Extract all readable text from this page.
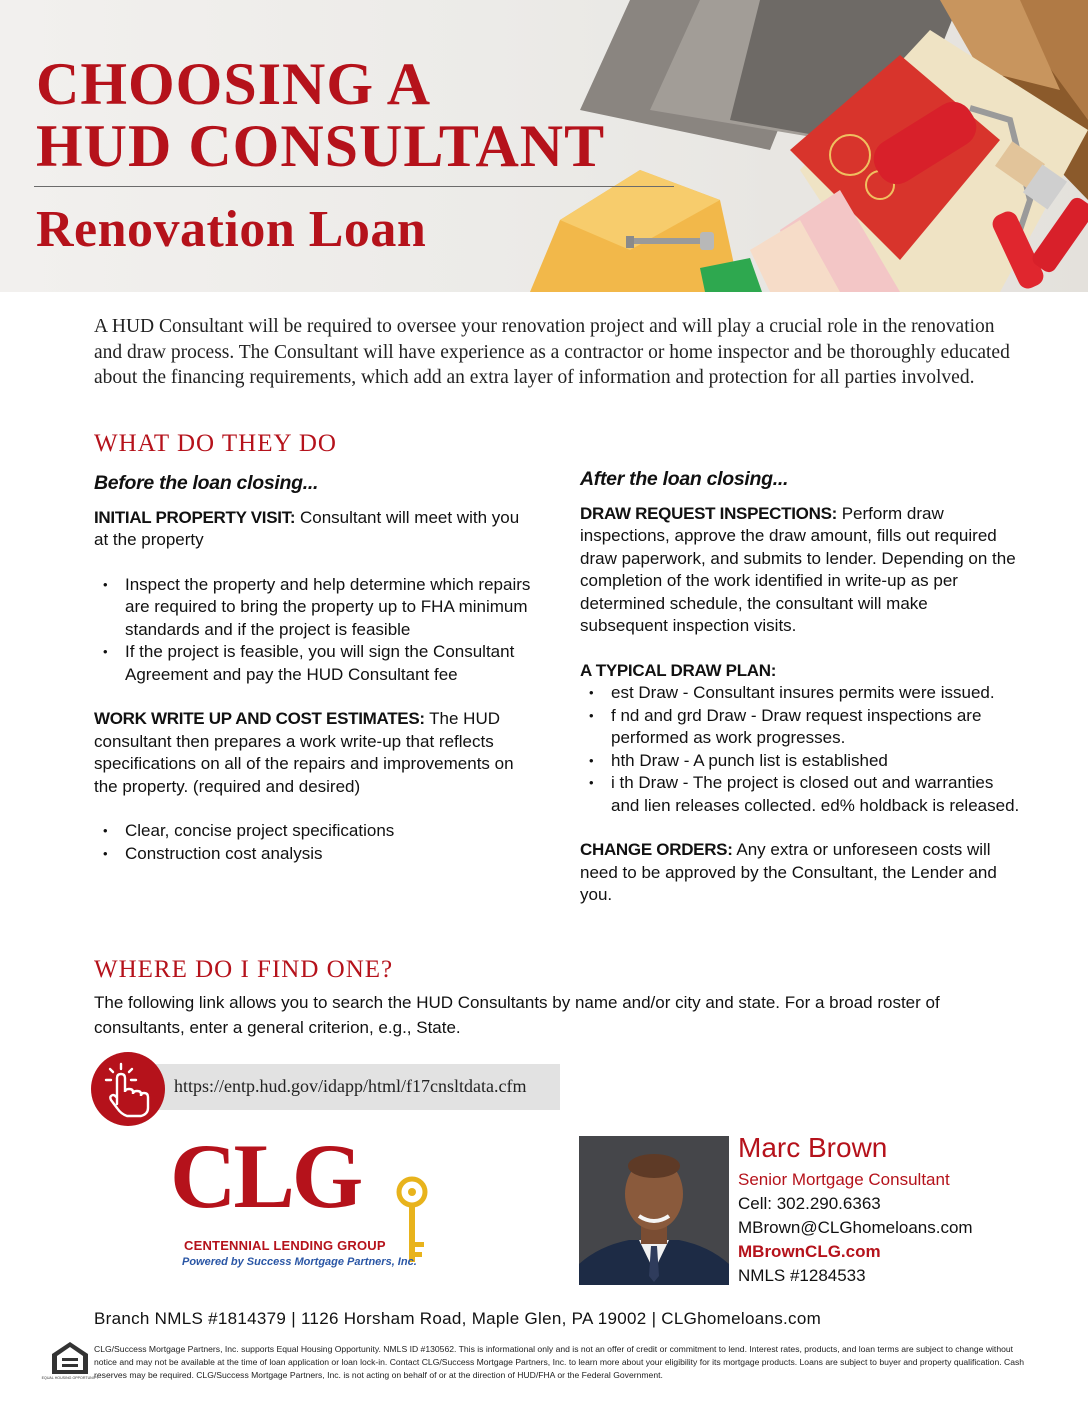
CHOOSING A
HUD CONSULTANT
Renovation Loan

A HUD Consultant will be required to oversee your renovation project and will play a crucial role in the renovation and draw process. The Consultant will have experience as a contractor or home inspector and be thoroughly educated about the financing requirements, which add an extra layer of information and protection for all parties involved.

WHAT DO THEY DO
Before the loan closing...

INITIAL PROPERTY VISIT: Consultant will meet with you at the property

• Inspect the property and help determine which repairs are required to bring the property up to FHA minimum standards and if the project is feasible
• If the project is feasible, you will sign the Consultant Agreement and pay the HUD Consultant fee

WORK WRITE UP AND COST ESTIMATES: The HUD consultant then prepares a work write-up that reflects specifications on all of the repairs and improvements on the property. (required and desired)

• Clear, concise project specifications
• Construction cost analysis
After the loan closing...

DRAW REQUEST INSPECTIONS: Perform draw inspections, approve the draw amount, fills out required draw paperwork, and submits to lender. Depending on the completion of the work identified in write-up as per determined schedule, the consultant will make subsequent inspection visits.

A TYPICAL DRAW PLAN:
• est Draw - Consultant insures permits were issued.
• f nd and grd Draw - Draw request inspections are performed as work progresses.
• hth Draw - A punch list is established
• i th Draw - The project is closed out and warranties and lien releases collected. ed% holdback is released.

CHANGE ORDERS: Any extra or unforeseen costs will need to be approved by the Consultant, the Lender and you.

WHERE DO I FIND ONE?

The following link allows you to search the HUD Consultants by name and/or city and state. For a broad roster of consultants, enter a general criterion, e.g., State.

https://entp.hud.gov/idapp/html/f17cnsltdata.cfm
CLG
CENTENNIAL LENDING GROUP
Powered by Success Mortgage Partners, Inc.
Marc Brown
Senior Mortgage Consultant
Cell: 302.290.6363
MBrown@CLGhomeloans.com
MBrownCLG.com
NMLS #1284533
Branch NMLS #1814379 | 1126 Horsham Road, Maple Glen, PA 19002 | CLGhomeloans.com
EQUAL HOUSING OPPORTUNITY

CLG/Success Mortgage Partners, Inc. supports Equal Housing Opportunity. NMLS ID #130562. This is informational only and is not an offer of credit or commitment to lend. Interest rates, products, and loan terms are subject to change without notice and may not be available at the time of loan application or loan lock-in. Contact CLG/Success Mortgage Partners, Inc. to learn more about your eligibility for its mortgage products. Loans are subject to buyer and property qualification. Cash reserves may be required. CLG/Success Mortgage Partners, Inc. is not acting on behalf of or at the direction of HUD/FHA or the Federal Government.
